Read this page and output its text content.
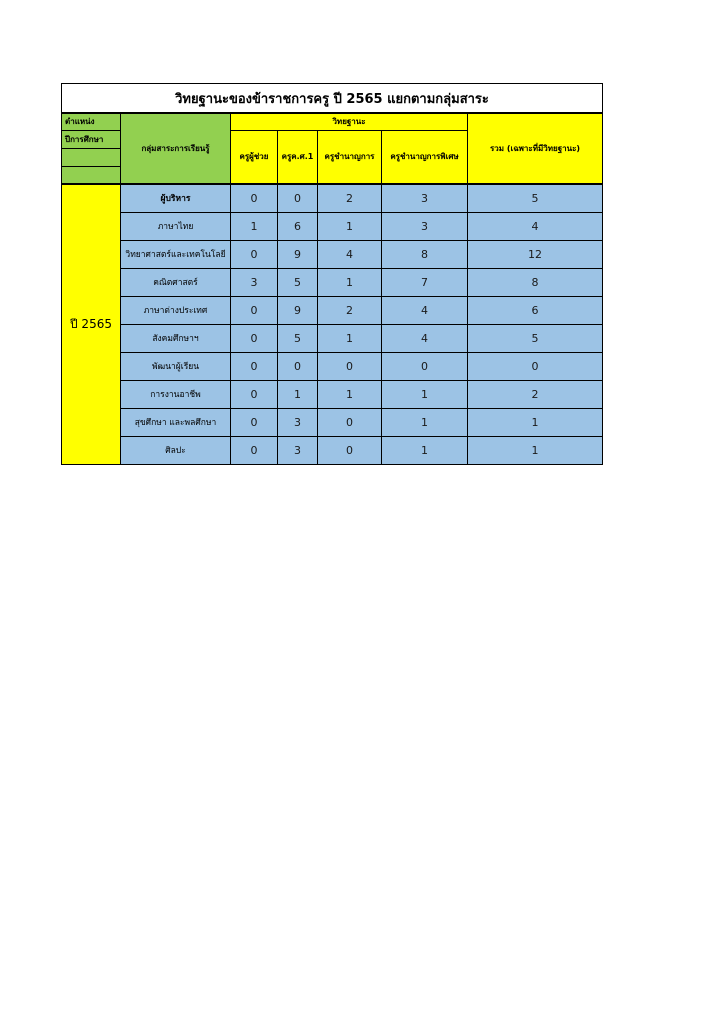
วิทยฐานะของข้าราชการครู ปี 2565 แยกตามกลุ่มสาระ						
ตำแหน่ง	กลุ่มสาระการเรียนรู้	วิทยฐานะ				รวม (เฉพาะที่มีวิทยฐานะ)
ปีการศึกษา		ครูผู้ช่วย	ครูค.ศ.1	ครูชำนาญการ	ครูชำนาญการพิเศษ	

ปี 2565	ผู้บริหาร	0	0	2	3	5
	ภาษาไทย	1	6	1	3	4
	วิทยาศาสตร์และเทคโนโลยี	0	9	4	8	12
	คณิตศาสตร์	3	5	1	7	8
	ภาษาต่างประเทศ	0	9	2	4	6
	สังคมศึกษาฯ	0	5	1	4	5
	พัฒนาผู้เรียน	0	0	0	0	0
	การงานอาชีพ	0	1	1	1	2
	สุขศึกษา และพลศึกษา	0	3	0	1	1
	ศิลปะ	0	3	0	1	1
